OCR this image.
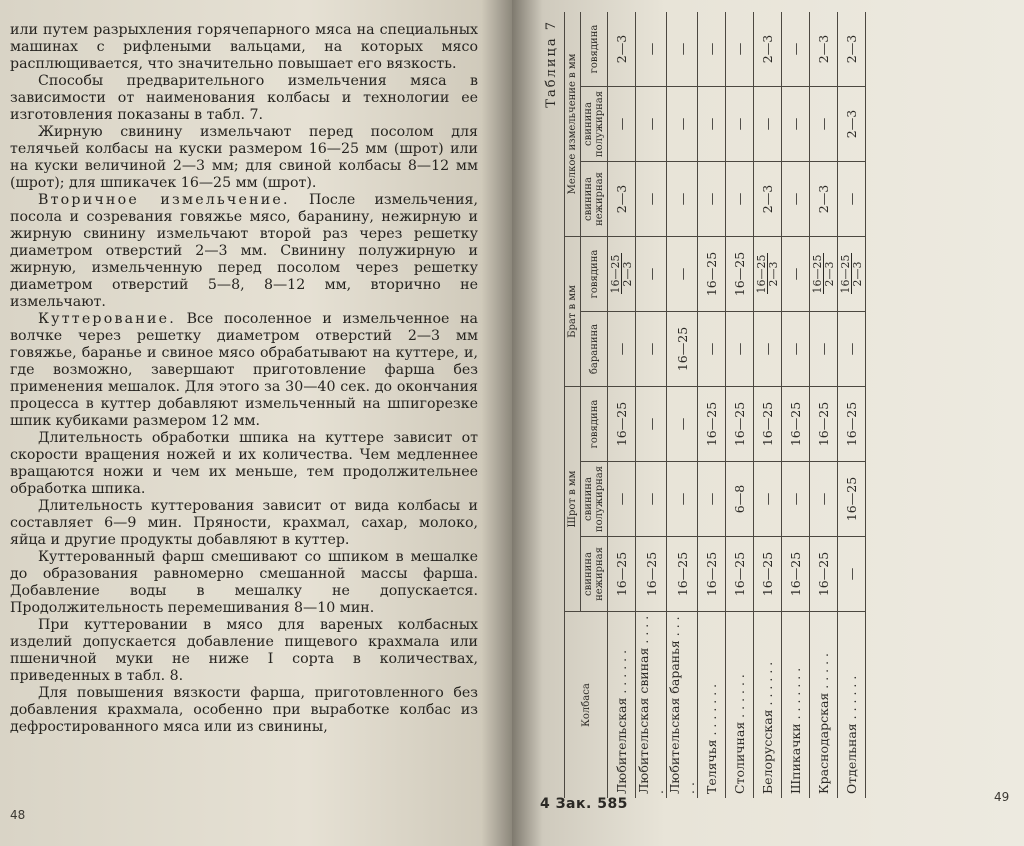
или путем разрыхления горячепарного мяса на специальных машинах с рифлеными вальцами, на которых мясо расплющивается, что значительно повышает его вязкость.

Способы предварительного измельчения мяса в зависимости от наименования колбасы и технологии ее изготовления показаны в табл. 7.

Жирную свинину измельчают перед посолом для телячьей колбасы на куски размером 16—25 мм (шрот) или на куски величиной 2—3 мм; для свиной колбасы 8—12 мм (шрот); для шпикачек 16—25 мм (шрот).

Вторичное измельчение. После измельчения, посола и созревания говяжье мясо, баранину, нежирную и жирную свинину измельчают второй раз через решетку диаметром отверстий 2—3 мм. Свинину полужирную и жирную, измельченную перед посолом через решетку диаметром отверстий 5—8, 8—12 мм, вторично не измельчают.

Куттерование. Все посоленное и измельченное на волчке через решетку диаметром отверстий 2—3 мм говяжье, баранье и свиное мясо обрабатывают на куттере, и, где возможно, завершают приготовление фарша без применения мешалок. Для этого за 30—40 сек. до окончания процесса в куттер добавляют измельченный на шпигорезке шпик кубиками размером 12 мм.

Длительность обработки шпика на куттере зависит от скорости вращения ножей и их количества. Чем медленнее вращаются ножи и чем их меньше, тем продолжительнее обработка шпика.

Длительность куттерования зависит от вида колбасы и составляет 6—9 мин. Пряности, крахмал, сахар, молоко, яйца и другие продукты добавляют в куттер.

Куттерованный фарш смешивают со шпиком в мешалке до образования равномерно смешанной массы фарша. Добавление воды в мешалку не допускается. Продолжительность перемешивания 8—10 мин.

При куттеровании в мясо для вареных колбасных изделий допускается добавление пищевого крахмала или пшеничной муки не ниже I сорта в количествах, приведенных в табл. 8.

Для повышения вязкости фарша, приготовленного без добавления крахмала, особенно при выработке колбас из дефростированного мяса или из свинины,

48
49
Таблица 7
Колбаса	Шрот в мм			Брат в мм		Мелкое измельчение в мм		
	свинина нежирная	свинина полужирная	говядина	баранина	говядина	свинина нежирная	свинина полужирная	говядина
Любительская . . . . . .	16—25	—	16—25	—	16—25 2—3	2—3	—	2—3
Любительская свиная . . . . .	16—25	—	—	—	—	—	—	—
Любительская баранья . . . . .	16—25	—	—	16—25	—	—	—	—
Телячья . . . . . . .	16—25	—	16—25	—	16—25	—	—	—
Столичная . . . . . .	16—25	6—8	16—25	—	16—25	—	—	—
Белорусская . . . . . .	16—25	—	16—25	—	16—25 2—3	2—3	—	2—3
Шпикачки . . . . . . .	16—25	—	16—25	—	—	—	—	—
Краснодарская . . . . .	16—25	—	16—25	—	16—25 2—3	2—3	—	2—3
Отдельная . . . . . .	—	16—25	16—25	—	16—25 2—3	—	2—3	2—3
4 Зак. 585
